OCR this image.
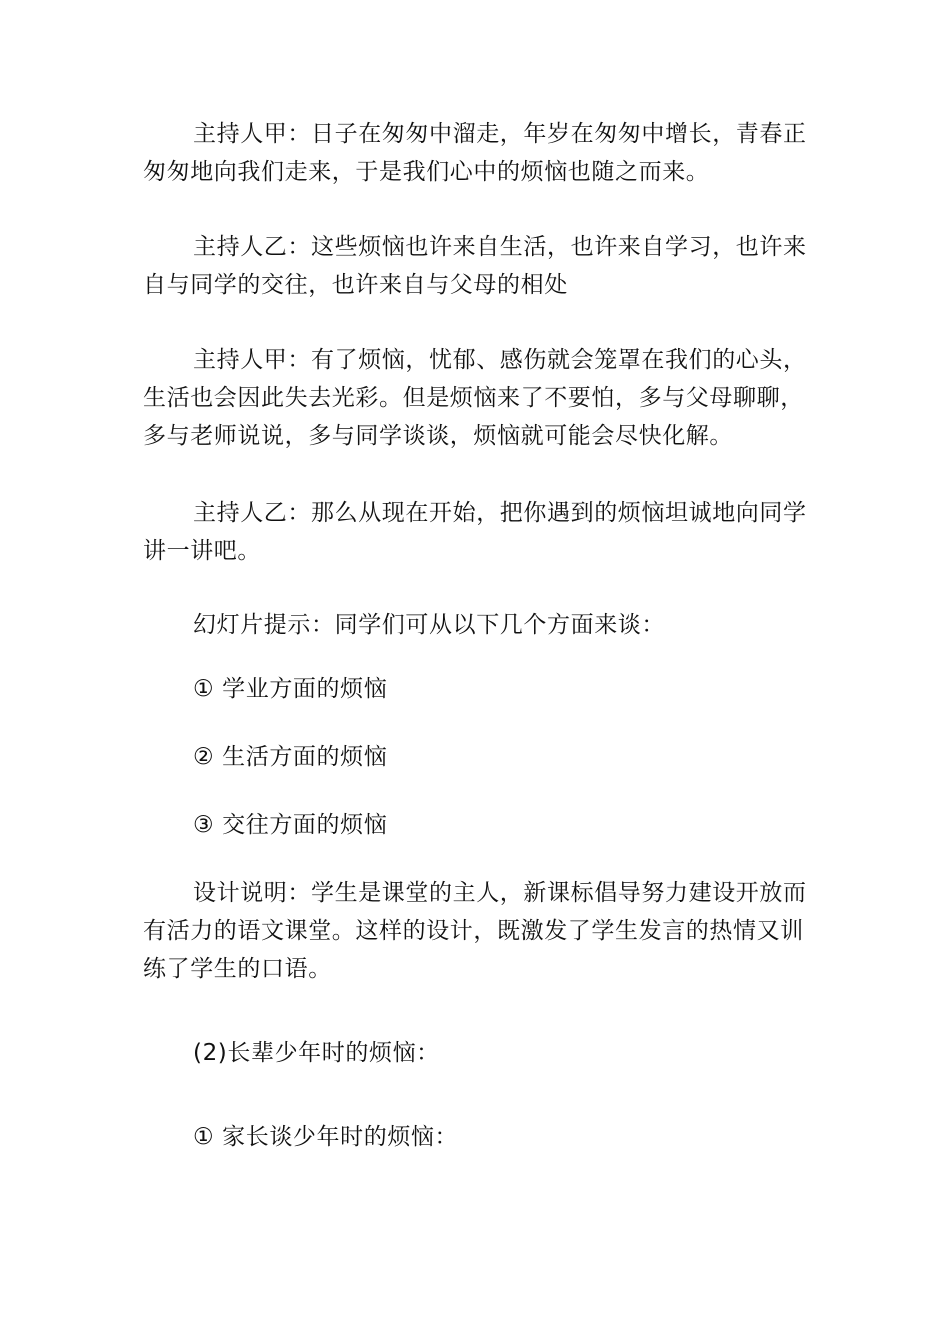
主持人甲：日子在匆匆中溜走，年岁在匆匆中增长，青春正
匆匆地向我们走来，于是我们心中的烦恼也随之而来。
主持人乙：这些烦恼也许来自生活，也许来自学习，也许来
自与同学的交往，也许来自与父母的相处
主持人甲：有了烦恼，忧郁、感伤就会笼罩在我们的心头，
生活也会因此失去光彩。但是烦恼来了不要怕，多与父母聊聊，
多与老师说说，多与同学谈谈，烦恼就可能会尽快化解。
主持人乙：那么从现在开始，把你遇到的烦恼坦诚地向同学
讲一讲吧。
幻灯片提示：同学们可从以下几个方面来谈：
① 学业方面的烦恼
② 生活方面的烦恼
③ 交往方面的烦恼
设计说明：学生是课堂的主人，新课标倡导努力建设开放而
有活力的语文课堂。这样的设计，既激发了学生发言的热情又训
练了学生的口语。
(2)长辈少年时的烦恼：
① 家长谈少年时的烦恼：
